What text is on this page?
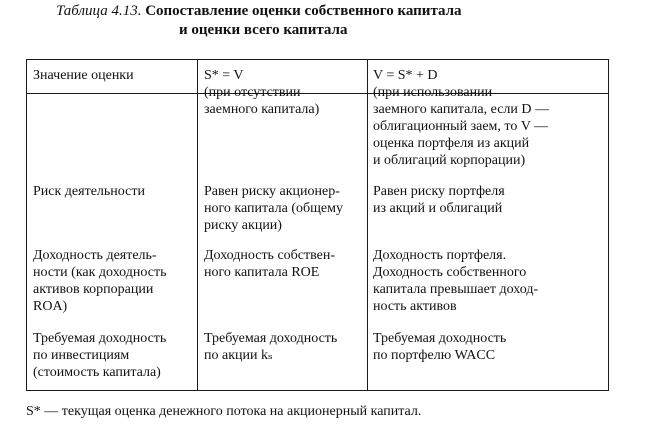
Таблица 4.13. Сопоставление оценки собственного капитала
и оценки всего капитала
Значение оценки	S* = V
(при отсутствии
заемного капитала)
V = S* + D
(при использовании
заемного капитала, если D —
облигационный заем, то V —
оценка портфеля из акций
и облигаций корпорации)
Риск деятельности	Равен риску акционер-
ного капитала (общему
риску акции)
Равен риску портфеля
из акций и облигаций
Доходность деятель-
ности (как доходность
активов корпорации
ROA)
Доходность собствен-
ного капитала ROE
Доходность портфеля.
Доходность собственного
капитала превышает доход-
ность активов
Требуемая доходность
по инвестициям
(стоимость капитала)
Требуемая доходность
по акции kₛ
Требуемая доходность
по портфелю WACC
S* — текущая оценка денежного потока на акционерный капитал.
